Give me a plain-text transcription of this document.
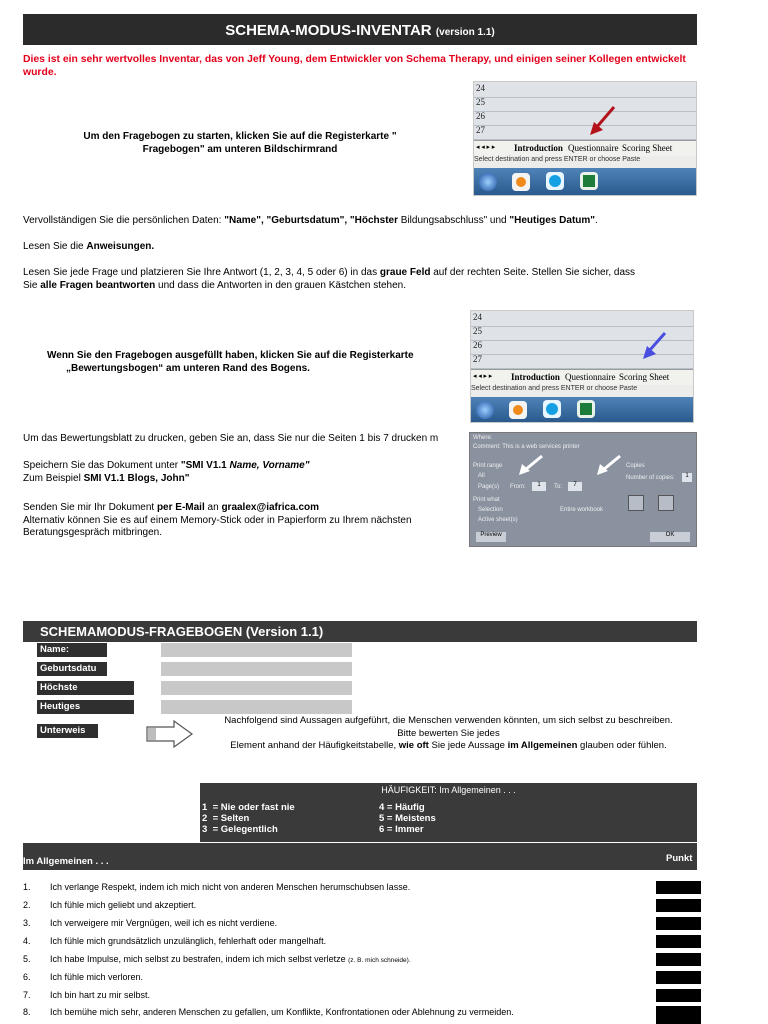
SCHEMA-MODUS-INVENTAR (version 1.1)
Dies ist ein sehr wertvolles Inventar, das von Jeff Young, dem Entwickler von Schema Therapy, und einigen seiner Kollegen entwickelt wurde.
Um den Fragebogen zu starten, klicken Sie auf die Registerkarte "
Fragebogen" am unteren Bildschirmrand
24
25
26
27
◂ ◂ ▸ ▸ Introduction Questionnaire Scoring Sheet
Select destination and press ENTER or choose Paste
Vervollständigen Sie die persönlichen Daten: "Name", "Geburtsdatum", "Höchster Bildungsabschluss" und "Heutiges Datum".
Lesen Sie die Anweisungen.
Lesen Sie jede Frage und platzieren Sie Ihre Antwort (1, 2, 3, 4, 5 oder 6) in das graue Feld auf der rechten Seite. Stellen Sie sicher, dass
Sie alle Fragen beantworten und dass die Antworten in den grauen Kästchen stehen.
Wenn Sie den Fragebogen ausgefüllt haben, klicken Sie auf die Registerkarte
„Bewertungsbogen“ am unteren Rand des Bogens.
24
25
26
27
◂ ◂ ▸ ▸ Introduction Questionnaire Scoring Sheet
Select destination and press ENTER or choose Paste
Um das Bewertungsblatt zu drucken, geben Sie an, dass Sie nur die Seiten 1 bis 7 drucken m	Where:
Comment: This is a web services printer
Print range
All
Page(s) From:	1	To:	7
Print what
Selection	Entire workbook
Active sheet(s)
Copies
Number of copies:	1
Preview	OK
Speichern Sie das Dokument unter "SMI V1.1 Name, Vorname"
Zum Beispiel SMI V1.1 Blogs, John"
Senden Sie mir Ihr Dokument per E-Mail an graalex@iafrica.com
Alternativ können Sie es auf einem Memory-Stick oder in Papierform zu Ihrem nächsten
Beratungsgespräch mitbringen.
SCHEMAMODUS-FRAGEBOGEN (Version 1.1)
Name:
Geburtsdatu
Höchste
Heutiges
Unterweis
Nachfolgend sind Aussagen aufgeführt, die Menschen verwenden könnten, um sich selbst zu beschreiben.
Bitte bewerten Sie jedes
Element anhand der Häufigkeitstabelle, wie oft Sie jede Aussage im Allgemeinen glauben oder fühlen.
HÄUFIGKEIT: Im Allgemeinen . . .
1 = Nie oder fast nie
2 = Selten
3 = Gelegentlich
4 = Häufig
5 = Meistens
6 = Immer
Im Allgemeinen . . .	Punkt
1. Ich verlange Respekt, indem ich mich nicht von anderen Menschen herumschubsen lasse.
2. Ich fühle mich geliebt und akzeptiert.
3. Ich verweigere mir Vergnügen, weil ich es nicht verdiene.
4. Ich fühle mich grundsätzlich unzulänglich, fehlerhaft oder mangelhaft.
5. Ich habe Impulse, mich selbst zu bestrafen, indem ich mich selbst verletze (z. B. mich schneide).
6. Ich fühle mich verloren.
7. Ich bin hart zu mir selbst.
8. Ich bemühe mich sehr, anderen Menschen zu gefallen, um Konflikte, Konfrontationen oder Ablehnung zu vermeiden.
